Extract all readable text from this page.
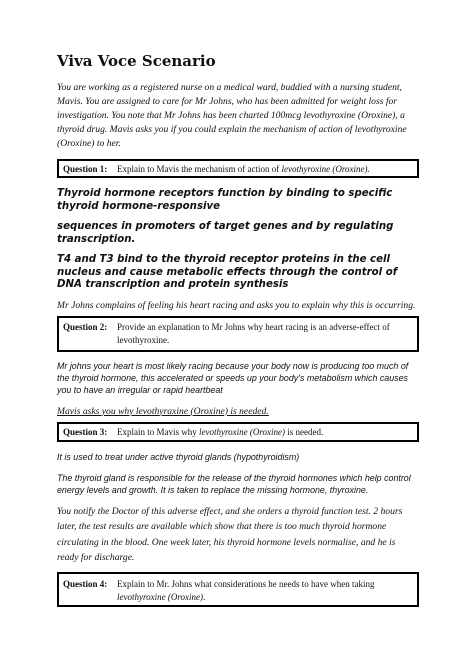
Viva Voce Scenario

You are working as a registered nurse on a medical ward, buddied with a nursing student, Mavis. You are assigned to care for Mr Johns, who has been admitted for weight loss for investigation. You note that Mr Johns has been charted 100mcg levothyroxine (Oroxine), a thyroid drug. Mavis asks you if you could explain the mechanism of action of levothyroxine (Oroxine) to her.

Question 1:	Explain to Mavis the mechanism of action of levothyroxine (Oroxine).

Thyroid hormone receptors function by binding to specific thyroid hormone-responsive

sequences in promoters of target genes and by regulating transcription.

T4 and T3 bind to the thyroid receptor proteins in the cell nucleus and cause metabolic effects through the control of DNA transcription and protein synthesis

Mr Johns complains of feeling his heart racing and asks you to explain why this is occurring.

Question 2:	Provide an explanation to Mr Johns why heart racing is an adverse-effect of levothyroxine.

Mr johns your heart is most likely racing because your body now is producing too much of the thyroid hormone, this accelerated or speeds up your body's metabolism which causes you to have an irregular or rapid heartbeat

Mavis asks you why levothyraxine (Oroxine) is needed.

Question 3:	Explain to Mavis why levothyroxine (Oroxine) is needed.

It is used to treat under active thyroid glands (hypothyroidism)

The thyroid gland is responsible for the release of the thyroid hormones which help control energy levels and growth. It is taken to replace the missing hormone, thyroxine.

You notify the Doctor of this adverse effect, and she orders a thyroid function test. 2 hours later, the test results are available which show that there is too much thyroid hormone circulating in the blood. One week later, his thyroid hormone levels normalise, and he is ready for discharge.

Question 4:	Explain to Mr. Johns what considerations he needs to have when taking
levothyroxine (Oroxine).
